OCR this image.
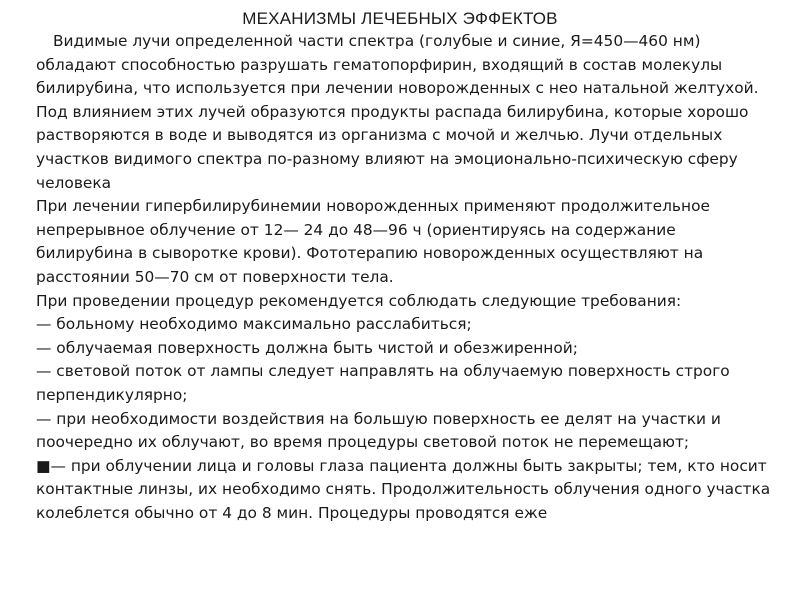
МЕХАНИЗМЫ ЛЕЧЕБНЫХ ЭФФЕКТОВ

Видимые лучи определенной части спектра (голубые и синие, Я=450—460 нм) обладают способностью разрушать гематопорфирин, входящий в состав молекулы билирубина, что используется при лечении новорожденных с нео натальной желтухой. Под влиянием этих лучей образуются продукты распада билирубина, которые хорошо растворяются в воде и выводятся из организма с мочой и желчью. Лучи отдельных участков видимого спектра по-разному влияют на эмоционально-психическую сферу человека

При лечении гипербилирубинемии новорожденных применяют продолжительное непрерывное облучение от 12— 24 до 48—96 ч (ориентируясь на содержание билирубина в сыворотке крови). Фототерапию новорожденных осуществляют на расстоянии 50—70 см от поверхности тела.

При проведении процедур рекомендуется соблюдать следующие требования:

— больному необходимо максимально расслабиться;

— облучаемая поверхность должна быть чистой и обезжиренной;

— световой поток от лампы следует направлять на облучаемую поверхность строго перпендикулярно;

— при необходимости воздействия на большую поверхность ее делят на участки и поочередно их облучают, во время процедуры световой поток не перемещают;

■— при облучении лица и головы глаза пациента должны быть закрыты; тем, кто носит контактные линзы, их необходимо снять. Продолжительность облучения одного участка колеблется обычно от 4 до 8 мин. Процедуры проводятся еже
